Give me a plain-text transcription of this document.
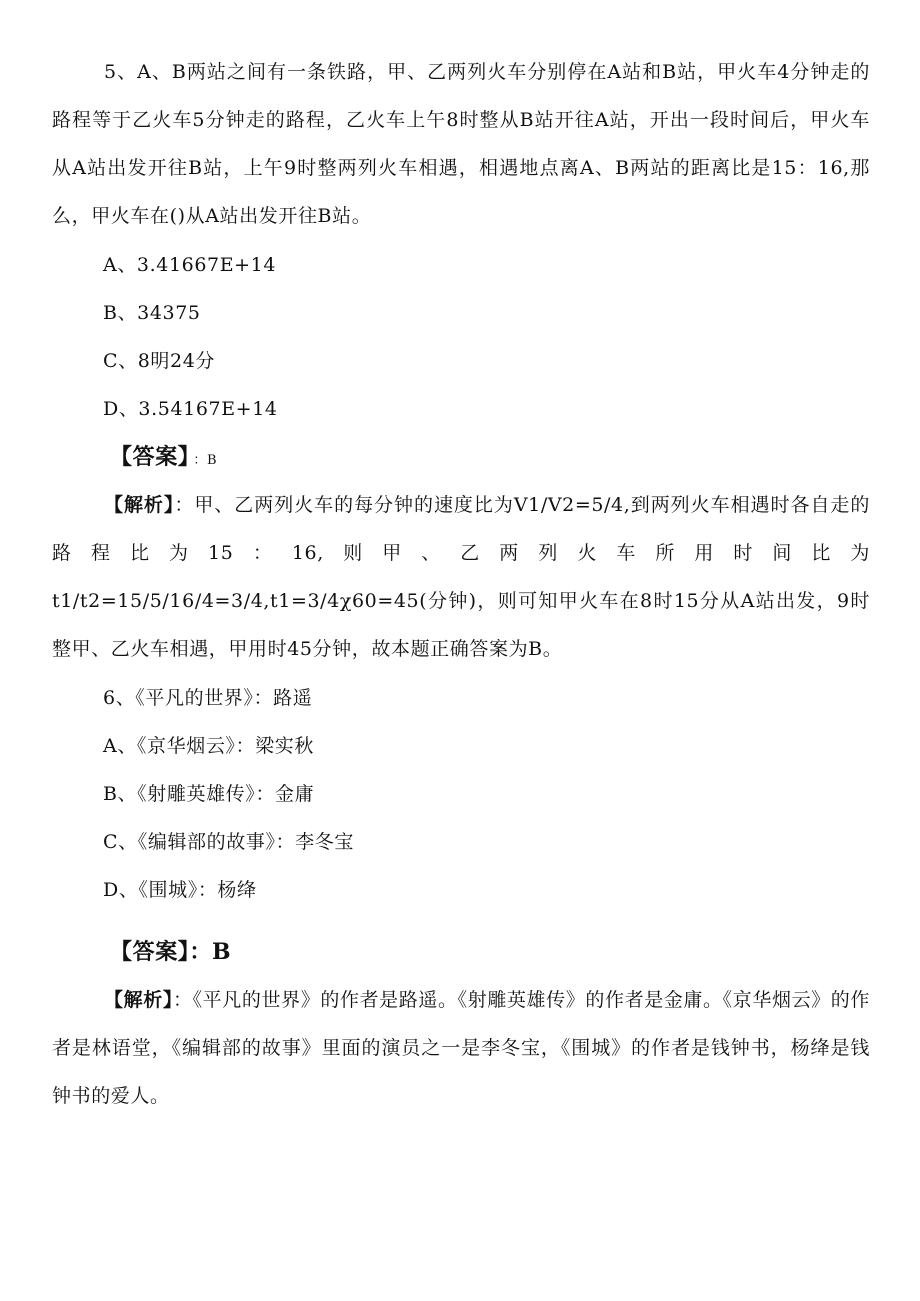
5、A、B两站之间有一条铁路，甲、乙两列火车分别停在A站和B站，甲火车4分钟走的路程等于乙火车5分钟走的路程，乙火车上午8时整从B站开往A站，开出一段时间后，甲火车从A站出发开往B站，上午9时整两列火车相遇，相遇地点离A、B两站的距离比是15：16,那么，甲火车在()从A站出发开往B站。

A、3.41667E+14

B、34375

C、8明24分

D、3.54167E+14

【答案】 ：B

【解析】：甲、乙两列火车的每分钟的速度比为V1/V2=5/4,到两列火车相遇时各自走的路程比为15：16,则甲、乙两列火车所用时间比为t1/t2=15/5/16/4=3/4,t1=3/4χ60=45(分钟)，则可知甲火车在8时15分从A站出发，9时整甲、乙火车相遇，甲用时45分钟，故本题正确答案为B。

6、《平凡的世界》：路遥

A、《京华烟云》：梁实秋

B、《射雕英雄传》：金庸

C、《编辑部的故事》：李冬宝

D、《围城》：杨绛

【答案】：B

【解析】：《平凡的世界》的作者是路遥。《射雕英雄传》的作者是金庸。《京华烟云》的作者是林语堂，《编辑部的故事》里面的演员之一是李冬宝，《围城》的作者是钱钟书，杨绛是钱钟书的爱人。
